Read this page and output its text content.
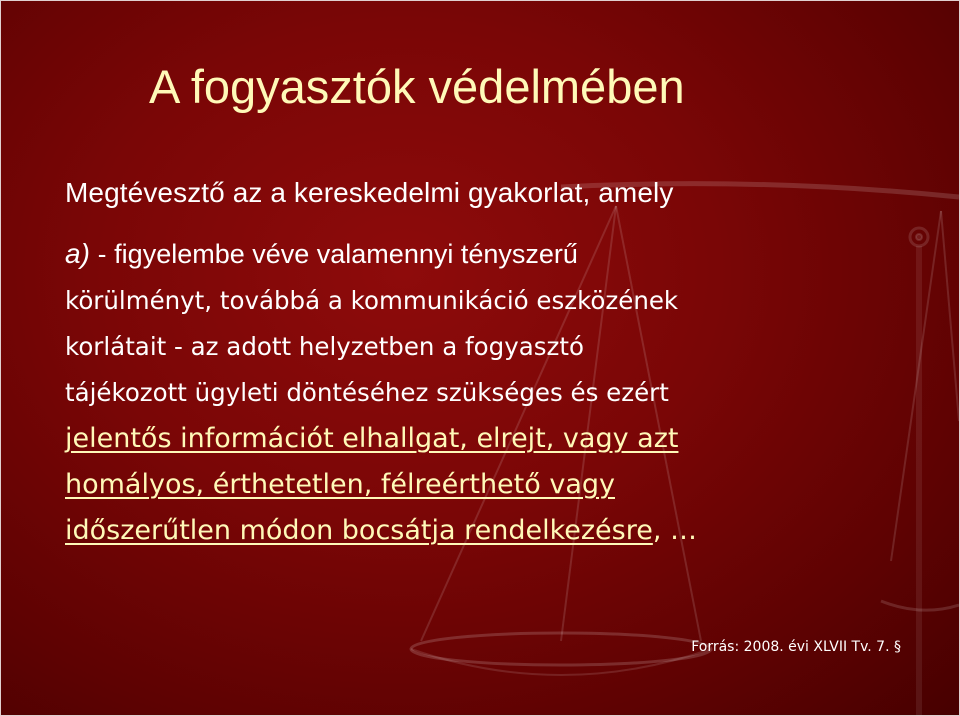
A fogyasztók védelmében

Megtévesztő az a kereskedelmi gyakorlat, amely

a) - figyelembe véve valamennyi tényszerű
körülményt, továbbá a kommunikáció eszközének
korlátait - az adott helyzetben a fogyasztó
tájékozott ügyleti döntéséhez szükséges és ezért
jelentős információt elhallgat, elrejt, vagy azt
homályos, érthetetlen, félreérthető vagy
időszerűtlen módon bocsátja rendelkezésre, …

Forrás: 2008. évi XLVII Tv. 7. §
